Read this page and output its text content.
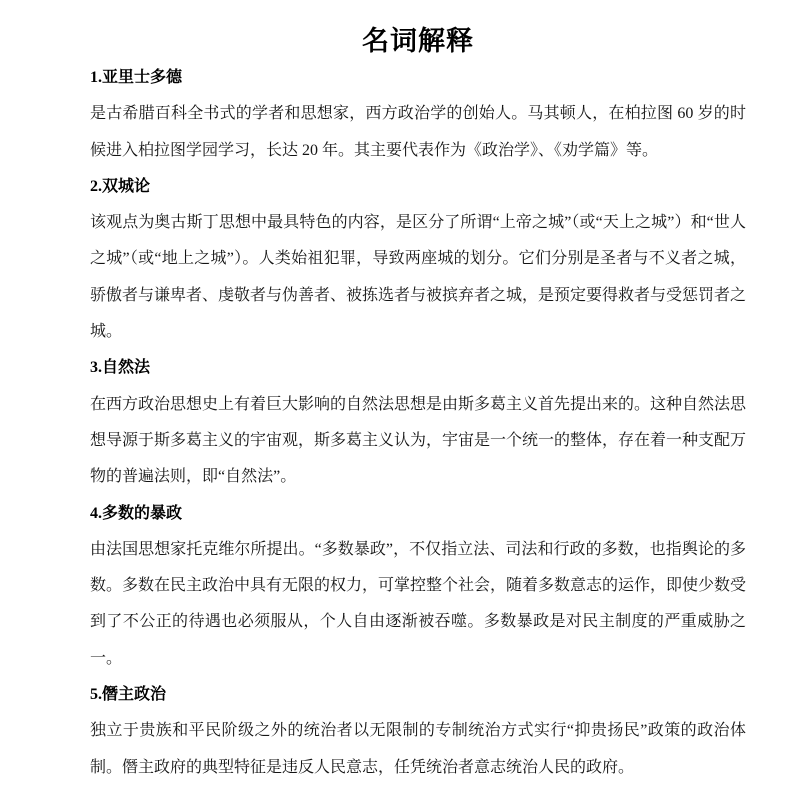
名词解释
1.亚里士多德

是古希腊百科全书式的学者和思想家，西方政治学的创始人。马其顿人，在柏拉图 60 岁的时候进入柏拉图学园学习，长达 20 年。其主要代表作为《政治学》、《劝学篇》等。

2.双城论

该观点为奥古斯丁思想中最具特色的内容，是区分了所谓“上帝之城”（或“天上之城”）和“世人之城”（或“地上之城”）。人类始祖犯罪，导致两座城的划分。它们分别是圣者与不义者之城，骄傲者与谦卑者、虔敬者与伪善者、被拣选者与被摈弃者之城，是预定要得救者与受惩罚者之城。

3.自然法

在西方政治思想史上有着巨大影响的自然法思想是由斯多葛主义首先提出来的。这种自然法思想导源于斯多葛主义的宇宙观，斯多葛主义认为，宇宙是一个统一的整体，存在着一种支配万物的普遍法则，即“自然法”。

4.多数的暴政

由法国思想家托克维尔所提出。“多数暴政”，不仅指立法、司法和行政的多数，也指舆论的多数。多数在民主政治中具有无限的权力，可掌控整个社会，随着多数意志的运作，即使少数受到了不公正的待遇也必须服从，个人自由逐渐被吞噬。多数暴政是对民主制度的严重威胁之一。

5.僭主政治

独立于贵族和平民阶级之外的统治者以无限制的专制统治方式实行“抑贵扬民”政策的政治体制。僭主政府的典型特征是违反人民意志，任凭统治者意志统治人民的政府。
